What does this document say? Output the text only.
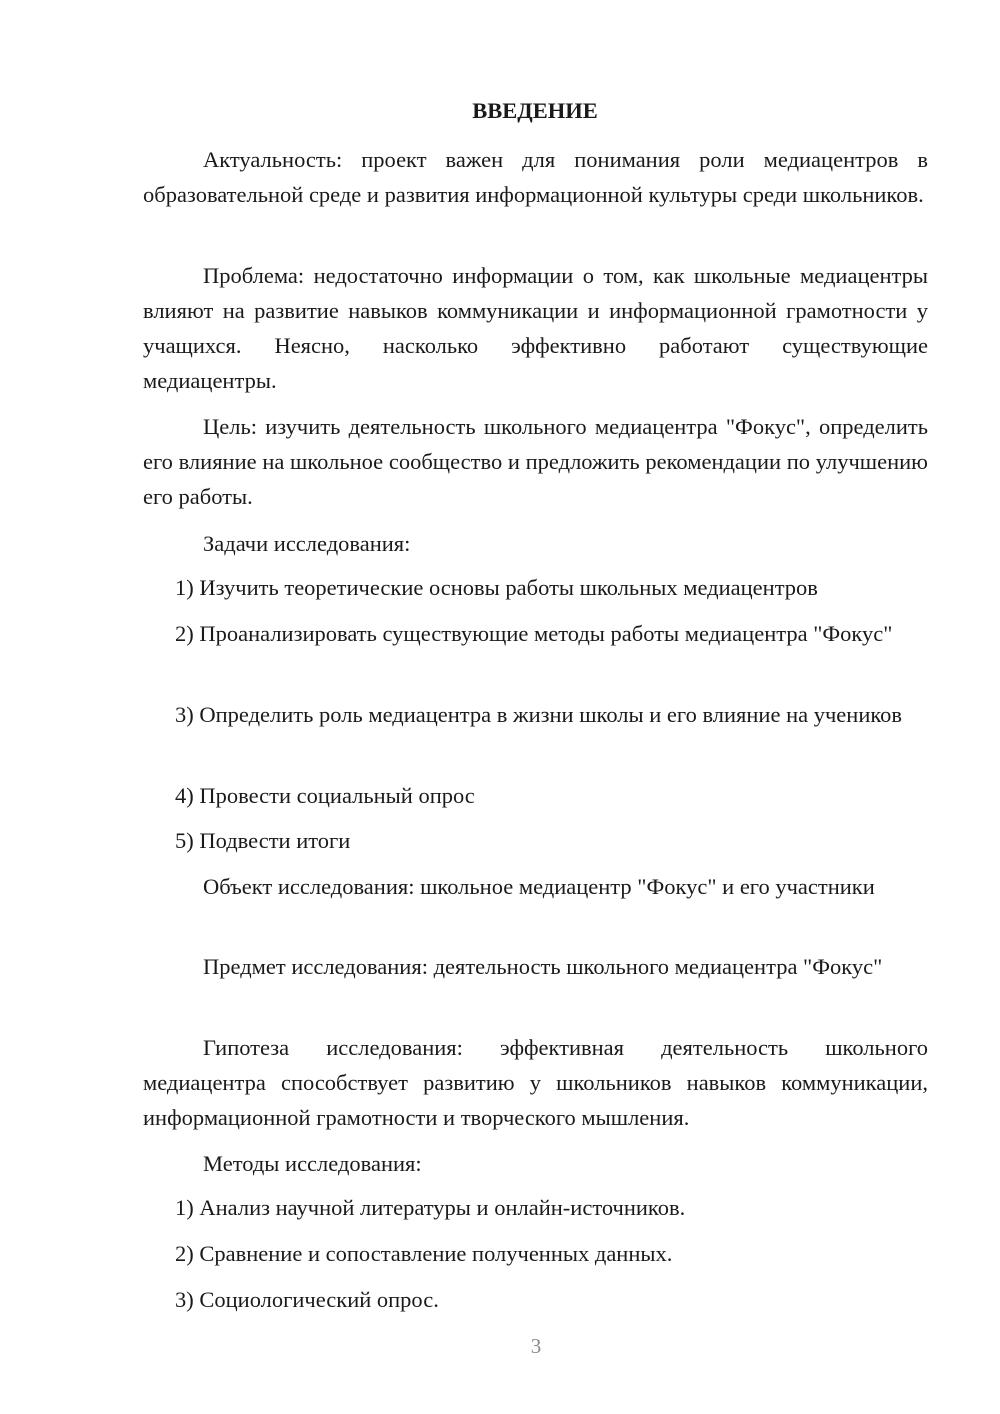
ВВЕДЕНИЕ

Актуальность: проект важен для понимания роли медиацентров в образовательной среде и развития информационной культуры среди школьников.

Проблема: недостаточно информации о том, как школьные медиацентры влияют на развитие навыков коммуникации и информационной грамотности у учащихся. Неясно, насколько эффективно работают существующие медиацентры.

Цель: изучить деятельность школьного медиацентра "Фокус", определить его влияние на школьное сообщество и предложить рекомендации по улучшению его работы.

Задачи исследования:

1) Изучить теоретические основы работы школьных медиацентров

2) Проанализировать существующие методы работы медиацентра "Фокус"

3) Определить роль медиацентра в жизни школы и его влияние на учеников

4) Провести социальный опрос

5) Подвести итоги

Объект исследования: школьное медиацентр "Фокус" и его участники

Предмет исследования: деятельность школьного медиацентра "Фокус"

Гипотеза исследования: эффективная деятельность школьного медиацентра способствует развитию у школьников навыков коммуникации, информационной грамотности и творческого мышления.

Методы исследования:

1) Анализ научной литературы и онлайн-источников.

2) Сравнение и сопоставление полученных данных.

3) Социологический опрос.

3
